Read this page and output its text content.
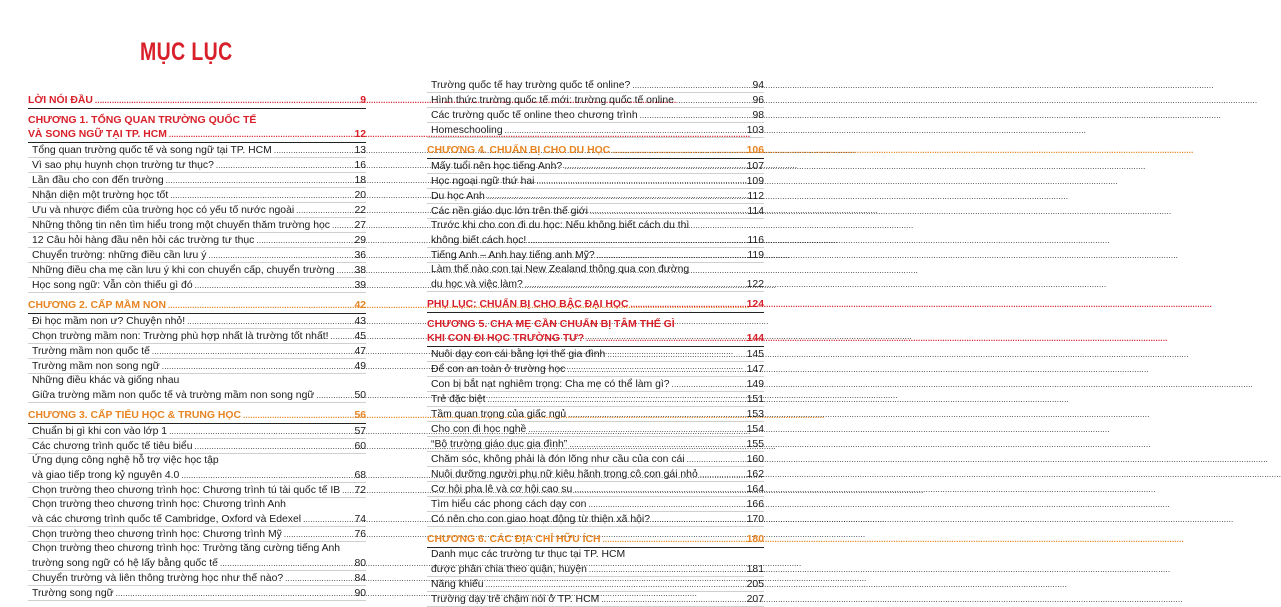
MỤC LỤC
LỜI NÓI ĐẦU .....	9
CHƯƠNG 1. TỔNG QUAN TRƯỜNG QUỐC TẾ
VÀ SONG NGỮ TẠI TP. HCM .....	12
Tổng quan trường quốc tế và song ngữ tại TP. HCM .....	13
Vì sao phụ huynh chọn trường tư thục? .....	16
Lần đầu cho con đến trường .....	18
Nhận diện một trường học tốt .....	20
Ưu và nhược điểm của trường học có yếu tố nước ngoài .....	22
Những thông tin nên tìm hiểu trong một chuyến thăm trường học ..... 27
12 Câu hỏi hàng đầu nên hỏi các trường tư thục .....	29
Chuyển trường: những điều cần lưu ý .....	36
Những điều cha mẹ cần lưu ý khi con chuyển cấp, chuyển trường ..... 38
Học song ngữ: Vẫn còn thiếu gì đó .....	39
CHƯƠNG 2. CẤP MẦM NON .....	42
Đi học mầm non ư? Chuyện nhỏ! .....	43
Chọn trường mầm non: Trường phù hợp nhất là trường tốt nhất! ..... 45
Trường mầm non quốc tế .....	47
Trường mầm non song ngữ .....	49
Những điều khác và giống nhau
Giữa trường mầm non quốc tế và trường mầm non song ngữ .....	50
CHƯƠNG 3. CẤP TIỂU HỌC & TRUNG HỌC .....	56
Chuẩn bị gì khi con vào lớp 1 .....	57
Các chương trình quốc tế tiêu biểu .....	60
Ứng dụng công nghệ hỗ trợ việc học tập
và giao tiếp trong kỷ nguyên 4.0 .....	68
Chọn trường theo chương trình học: Chương trình tú tài quốc tế IB ..... 72
Chọn trường theo chương trình học: Chương trình Anh
và các chương trình quốc tế Cambridge, Oxford và Edexel .....	74
Chọn trường theo chương trình học: Chương trình Mỹ .....	76
Chọn trường theo chương trình học: Trường tăng cường tiếng Anh
trường song ngữ có hệ lấy bằng quốc tế .....	80
Chuyển trường và liên thông trường học như thế nào? .....	84
Trường song ngữ .....	90
Trường quốc tế hay trường quốc tế online? .....	94
Hình thức trường quốc tế mới: trường quốc tế online .....	96
Các trường quốc tế online theo chương trình .....	98
Homeschooling .....	103
CHƯƠNG 4. CHUẨN BỊ CHO DU HỌC .....	106
Mấy tuổi nên học tiếng Anh? .....	107
Học ngoại ngữ thứ hai .....	109
Du học Anh .....	112
Các nền giáo dục lớn trên thế giới .....	114
Trước khi cho con đi du học: Nếu không biết cách du thì
không biết cách học! .....	116
Tiếng Anh – Anh hay tiếng anh Mỹ? .....	119
Làm thế nào con tại New Zealand thông qua con đường
du học và việc làm? .....	122
PHỤ LỤC: CHUẨN BỊ CHO BẬC ĐẠI HỌC .....	124
CHƯƠNG 5. CHA MẸ CẦN CHUẨN BỊ TÂM THẾ GÌ
KHI CON ĐI HỌC TRƯỜNG TƯ? .....	144
Nuôi dạy con cái bằng lợi thế gia đình .....	145
Để con an toàn ở trường học .....	147
Con bị bắt nạt nghiêm trọng: Cha mẹ có thể làm gì? .....	149
Trẻ đặc biệt .....	151
Tầm quan trọng của giấc ngủ .....	153
Cho con đi học nghề .....	154
“Bộ trường giáo dục gia đình” .....	155
Chăm sóc, không phải là đón lõng như cầu của con cái .....	160
Nuôi dưỡng người phụ nữ kiêu hãnh trong cô con gái nhỏ .....	162
Cơ hội pha lê và cơ hội cao su .....	164
Tìm hiểu các phong cách dạy con .....	166
Có nên cho con giao hoạt động từ thiện xã hội? .....	170
CHƯƠNG 6. CÁC ĐỊA CHỈ HỮU ÍCH .....	180
Danh mục các trường tư thục tại TP. HCM
được phân chia theo quận, huyện .....	181
Năng khiếu .....	205
Trường dạy trẻ chậm nói ở TP. HCM .....	207
